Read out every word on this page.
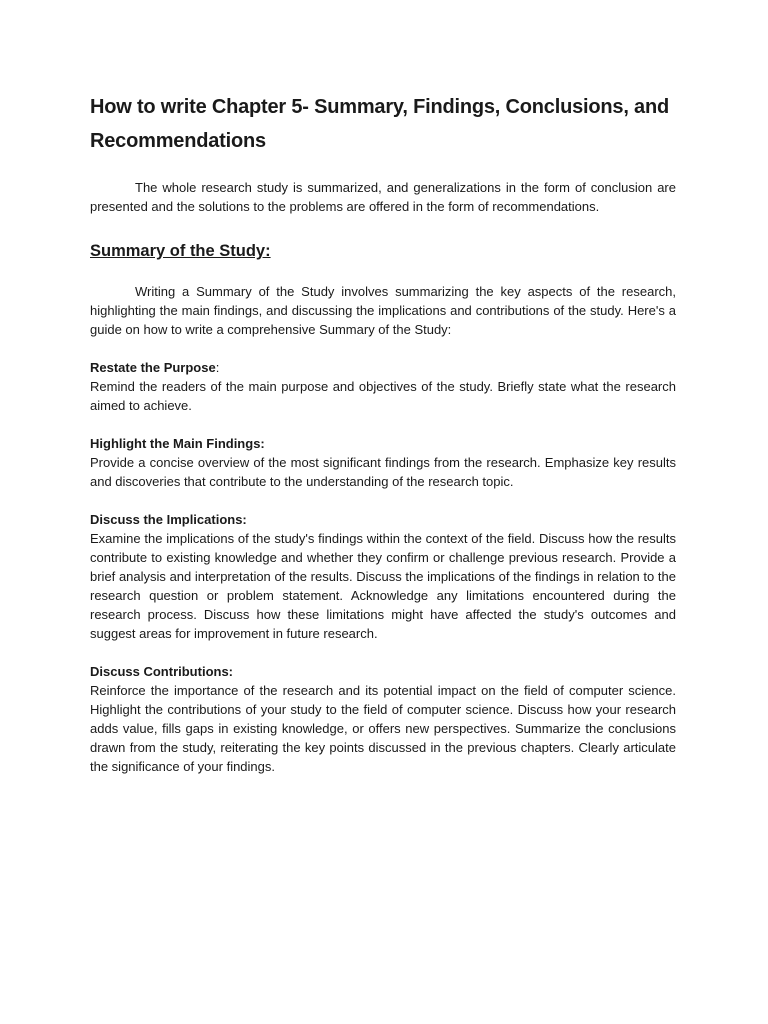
How to write Chapter 5- Summary, Findings, Conclusions, and Recommendations

The whole research study is summarized, and generalizations in the form of conclusion are presented and the solutions to the problems are offered in the form of recommendations.

Summary of the Study:

Writing a Summary of the Study involves summarizing the key aspects of the research, highlighting the main findings, and discussing the implications and contributions of the study. Here's a guide on how to write a comprehensive Summary of the Study:

Restate the Purpose:

Remind the readers of the main purpose and objectives of the study. Briefly state what the research aimed to achieve.

Highlight the Main Findings:

Provide a concise overview of the most significant findings from the research. Emphasize key results and discoveries that contribute to the understanding of the research topic.

Discuss the Implications:

Examine the implications of the study's findings within the context of the field. Discuss how the results contribute to existing knowledge and whether they confirm or challenge previous research. Provide a brief analysis and interpretation of the results. Discuss the implications of the findings in relation to the research question or problem statement. Acknowledge any limitations encountered during the research process. Discuss how these limitations might have affected the study's outcomes and suggest areas for improvement in future research.

Discuss Contributions:

Reinforce the importance of the research and its potential impact on the field of computer science. Highlight the contributions of your study to the field of computer science. Discuss how your research adds value, fills gaps in existing knowledge, or offers new perspectives. Summarize the conclusions drawn from the study, reiterating the key points discussed in the previous chapters. Clearly articulate the significance of your findings.
